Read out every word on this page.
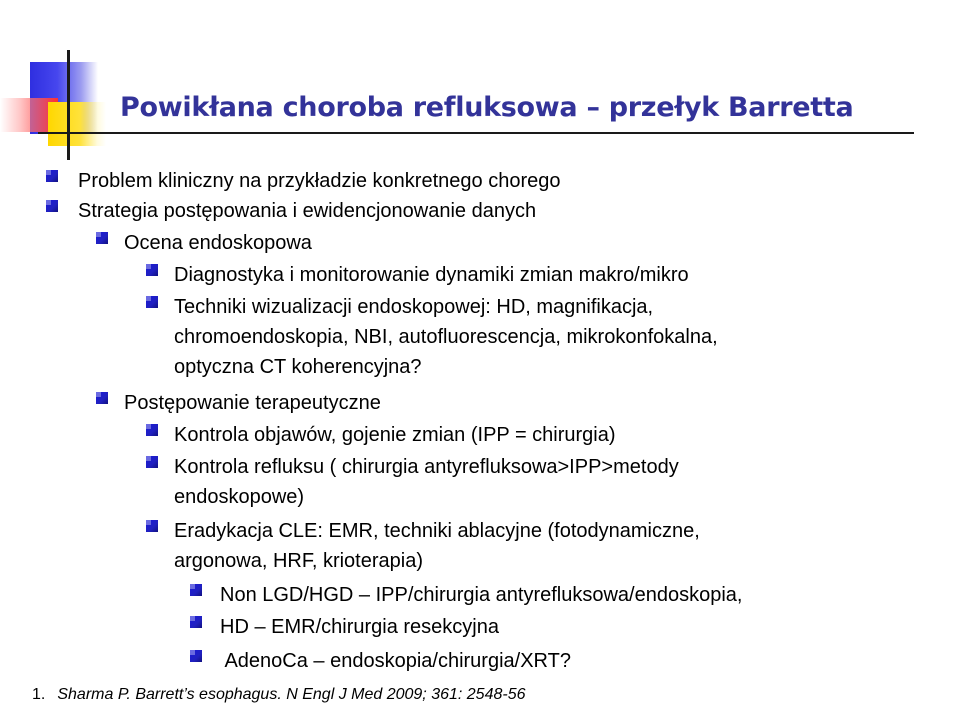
Powikłana choroba refluksowa – przełyk Barretta
Problem kliniczny na przykładzie konkretnego chorego
Strategia postępowania i ewidencjonowanie danych
Ocena endoskopowa
Diagnostyka i monitorowanie dynamiki zmian makro/mikro
Techniki wizualizacji endoskopowej: HD, magnifikacja,
chromoendoskopia, NBI, autofluorescencja, mikrokonfokalna,
optyczna CT koherencyjna?
Postępowanie terapeutyczne
Kontrola objawów, gojenie zmian (IPP = chirurgia)
Kontrola refluksu ( chirurgia antyrefluksowa>IPP>metody
endoskopowe)
Eradykacja CLE: EMR, techniki ablacyjne (fotodynamiczne,
argonowa, HRF, krioterapia)
Non LGD/HGD – IPP/chirurgia antyrefluksowa/endoskopia,
HD – EMR/chirurgia resekcyjna
AdenoCa – endoskopia/chirurgia/XRT?
1. Sharma P. Barrett’s esophagus. N Engl J Med 2009; 361: 2548-56
